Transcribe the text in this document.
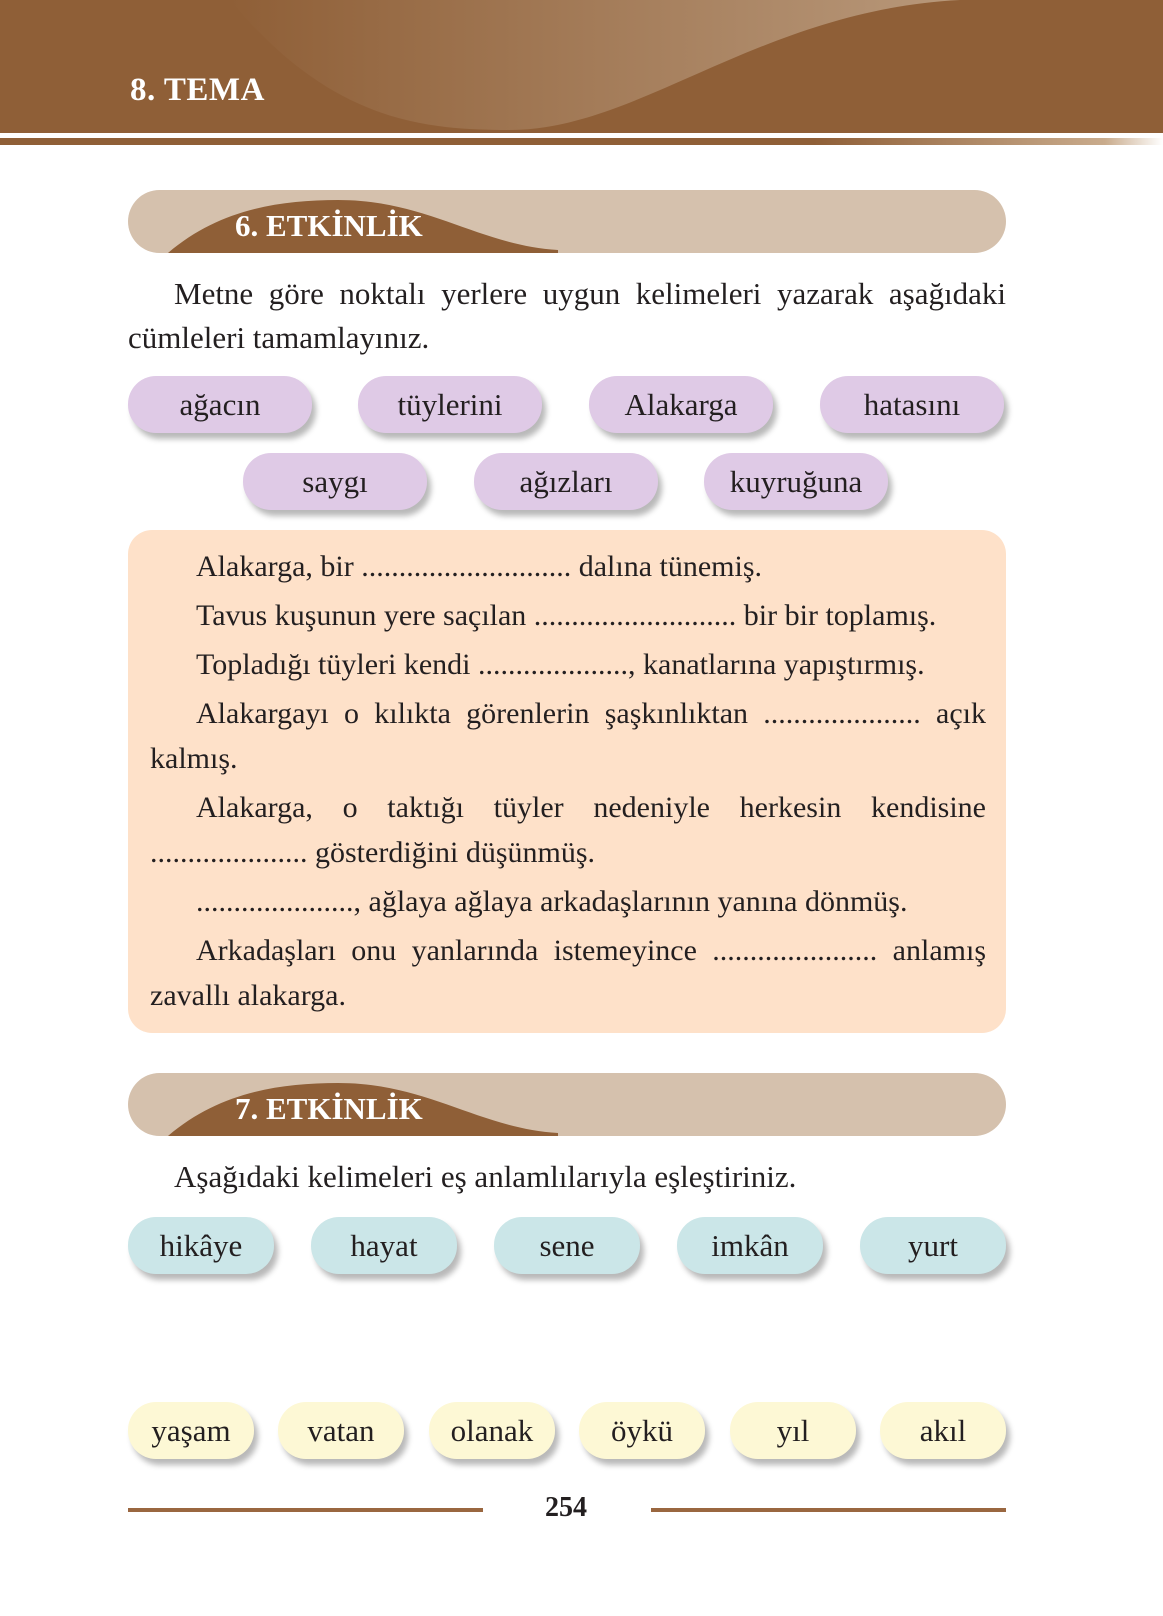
8. TEMA
6. ETKİNLİK
Metne göre noktalı yerlere uygun kelimeleri yazarak aşağıdaki cümleleri tamamlayınız.
ağacın	tüylerini	Alakarga	hatasını
saygı	ağızları	kuyruğuna
Alakarga, bir ............................ dalına tünemiş.
Tavus kuşunun yere saçılan ........................... bir bir toplamış.
Topladığı tüyleri kendi ...................., kanatlarına yapıştırmış.
Alakargayı o kılıkta görenlerin şaşkınlıktan ..................... açık kalmış.
Alakarga, o taktığı tüyler nedeniyle herkesin kendisine ..................... gösterdiğini düşünmüş.
....................., ağlaya ağlaya arkadaşlarının yanına dönmüş.
Arkadaşları onu yanlarında istemeyince ...................... anlamış zavallı alakarga.
7. ETKİNLİK
Aşağıdaki kelimeleri eş anlamlılarıyla eşleştiriniz.
hikâye	hayat	sene	imkân	yurt
yaşam	vatan	olanak	öykü	yıl	akıl
254
